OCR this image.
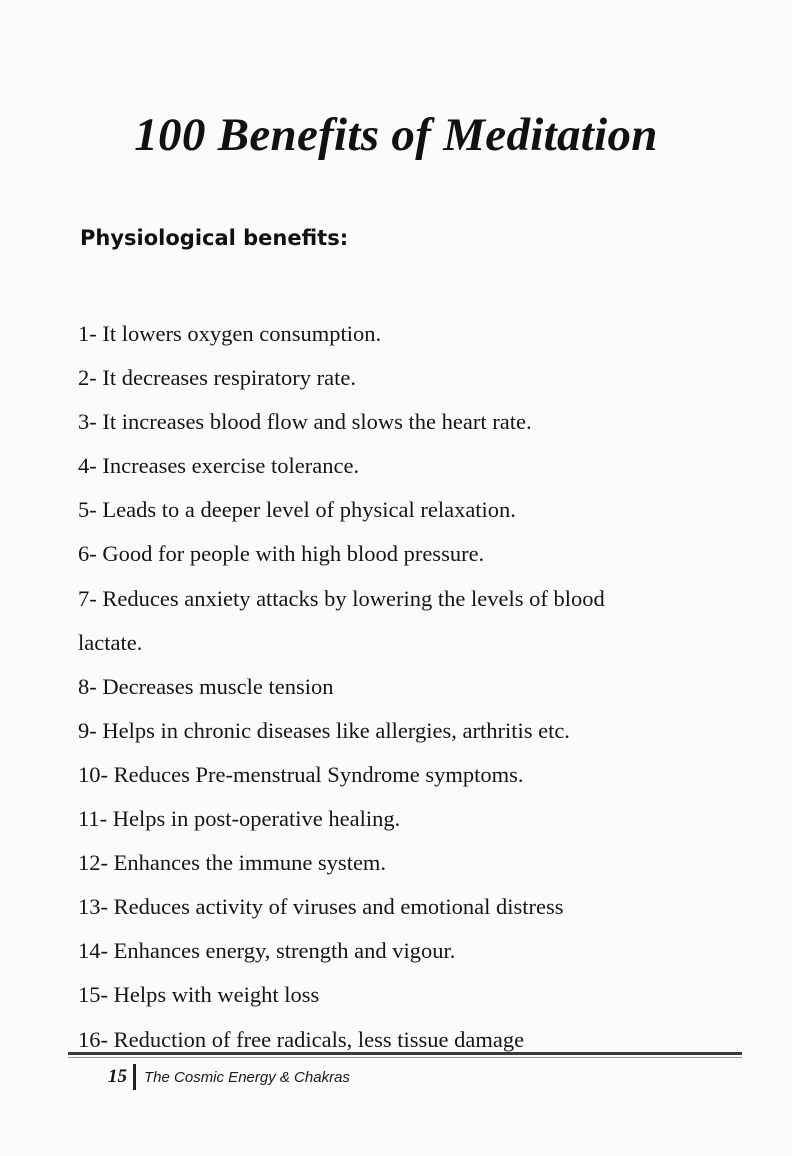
100 Benefits of Meditation
Physiological benefits:
1- It lowers oxygen consumption.
2- It decreases respiratory rate.
3- It increases blood flow and slows the heart rate.
4- Increases exercise tolerance.
5- Leads to a deeper level of physical relaxation.
6- Good for people with high blood pressure.
7- Reduces anxiety attacks by lowering the levels of blood
lactate.
8- Decreases muscle tension
9- Helps in chronic diseases like allergies, arthritis etc.
10- Reduces Pre-menstrual Syndrome symptoms.
11- Helps in post-operative healing.
12- Enhances the immune system.
13- Reduces activity of viruses and emotional distress
14- Enhances energy, strength and vigour.
15- Helps with weight loss
16- Reduction of free radicals, less tissue damage
15 The Cosmic Energy & Chakras
